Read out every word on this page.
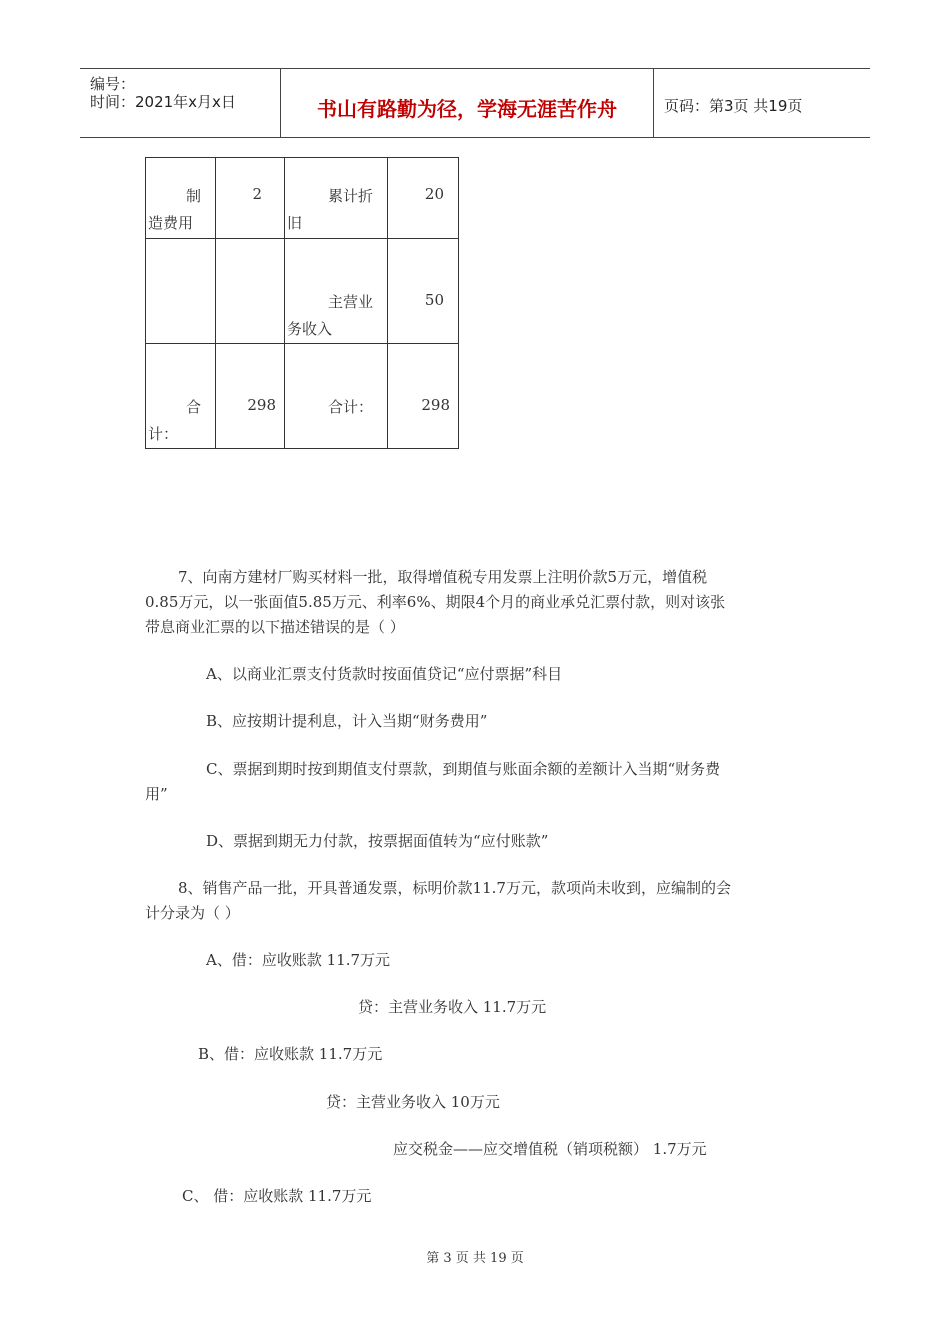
编号：
时间：2021年x月x日	书山有路勤为径，学海无涯苦作舟	页码：第3页 共19页
制
造费用	2	累计折
旧	20

		主营业
务收入	50

合
计：	298	合计：	298
7、向南方建材厂购买材料一批，取得增值税专用发票上注明价款5万元，增值税
0.85万元，以一张面值5.85万元、利率6%、期限4个月的商业承兑汇票付款，则对该张
带息商业汇票的以下描述错误的是（ ）
A、以商业汇票支付货款时按面值贷记“应付票据”科目
B、应按期计提利息，计入当期“财务费用”
C、票据到期时按到期值支付票款，到期值与账面余额的差额计入当期“财务费
用”
D、票据到期无力付款，按票据面值转为“应付账款”
8、销售产品一批，开具普通发票，标明价款11.7万元，款项尚未收到，应编制的会
计分录为（ ）
A、借：应收账款 11.7万元
贷：主营业务收入 11.7万元
B、借：应收账款 11.7万元
贷：主营业务收入 10万元
应交税金——应交增值税（销项税额） 1.7万元
C、 借：应收账款 11.7万元
第 3 页 共 19 页
